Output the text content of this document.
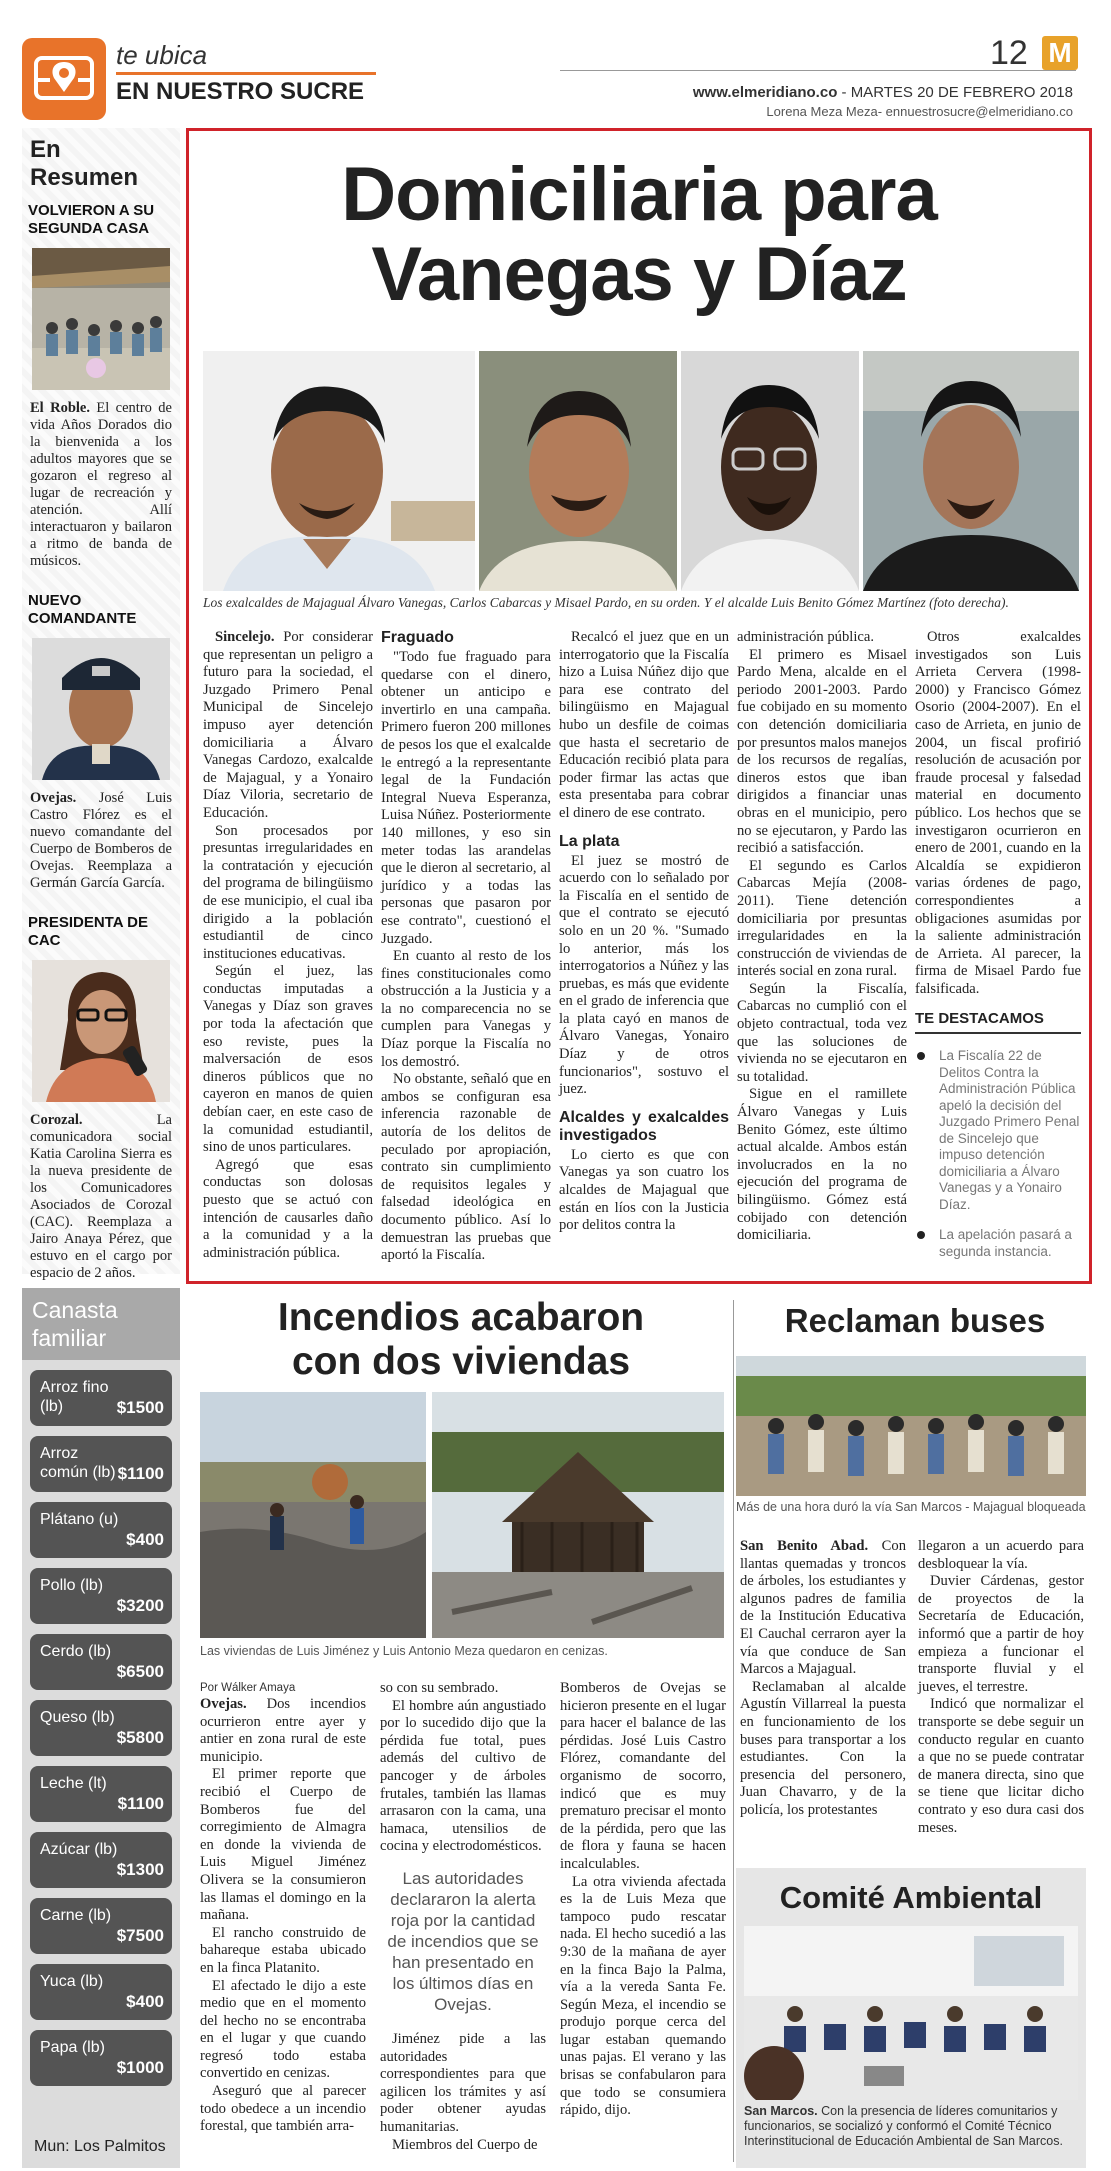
te ubica
EN NUESTRO SUCRE
12 M
www.elmeridiano.co - MARTES 20 DE FEBRERO 2018
Lorena Meza Meza- ennuestrosucre@elmeridiano.co
En Resumen
VOLVIERON A SU SEGUNDA CASA
El Roble. El centro de vida Años Dorados dio la bienvenida a los adultos mayores que se gozaron el regreso al lugar de recreación y atención. Allí interactuaron y bailaron a ritmo de banda de músicos.
NUEVO COMANDANTE
Ovejas. José Luis Castro Flórez es el nuevo comandante del Cuerpo de Bomberos de Ovejas. Reemplaza a Germán García García.
PRESIDENTA DE CAC
Corozal. La comunicadora social Katia Carolina Sierra es la nueva presidente de los Comunicadores Asociados de Corozal (CAC). Reemplaza a Jairo Anaya Pérez, que estuvo en el cargo por espacio de 2 años.
Domiciliaria para
Vanegas y Díaz
Los exalcaldes de Majagual Álvaro Vanegas, Carlos Cabarcas y Misael Pardo, en su orden. Y el alcalde Luis Benito Gómez Martínez (foto derecha).

Sincelejo. Por considerar que representan un peligro a futuro para la sociedad, el Juzgado Primero Penal Municipal de Sincelejo impuso ayer detención domiciliaria a Álvaro Vanegas Cardozo, exalcalde de Majagual, y a Yonairo Díaz Viloria, secretario de Educación.

Son procesados por presuntas irregularidades en la contratación y ejecución del programa de bilingüismo de ese municipio, el cual iba dirigido a la población estudiantil de cinco instituciones educativas.

Según el juez, las conductas imputadas a Vanegas y Díaz son graves por toda la afectación que eso reviste, pues la malversación de esos dineros públicos que no cayeron en manos de quien debían caer, en este caso de la comunidad estudiantil, sino de unos particulares.

Agregó que esas conductas son dolosas puesto que se actuó con intención de causarles daño a la comunidad y a la administración pública.

Fraguado

"Todo fue fraguado para quedarse con el dinero, obtener un anticipo e invertirlo en una campaña. Primero fueron 200 millones de pesos los que el exalcalde le entregó a la representante legal de la Fundación Integral Nueva Esperanza, Luisa Núñez. Posteriormente 140 millones, y eso sin meter todas las arandelas que le dieron al secretario, al jurídico y a todas las personas que pasaron por ese contrato", cuestionó el Juzgado.

En cuanto al resto de los fines constitucionales como obstrucción a la Justicia y a la no comparecencia no se cumplen para Vanegas y Díaz porque la Fiscalía no los demostró.

No obstante, señaló que en ambos se configuran esa inferencia razonable de autoría de los delitos de peculado por apropiación, contrato sin cumplimiento de requisitos legales y falsedad ideológica en documento público. Así lo demuestran las pruebas que aportó la Fiscalía.

Recalcó el juez que en un interrogatorio que la Fiscalía hizo a Luisa Núñez dijo que para ese contrato del bilingüismo en Majagual hubo un desfile de coimas que hasta el secretario de Educación recibió plata para poder firmar las actas que esta presentaba para cobrar el dinero de ese contrato.

La plata

El juez se mostró de acuerdo con lo señalado por la Fiscalía en el sentido de que el contrato se ejecutó solo en un 20 %. "Sumado lo anterior, más los interrogatorios a Núñez y las pruebas, es más que evidente en el grado de inferencia que la plata cayó en manos de Álvaro Vanegas, Yonairo Díaz y de otros funcionarios", sostuvo el juez.

Alcaldes y exalcaldes investigados

Lo cierto es que con Vanegas ya son cuatro los alcaldes de Majagual que están en líos con la Justicia por delitos contra la

administración pública.

El primero es Misael Pardo Mena, alcalde en el periodo 2001-2003. Pardo fue cobijado en su momento con detención domiciliaria por presuntos malos manejos de los recursos de regalías, dineros estos que iban dirigidos a financiar unas obras en el municipio, pero no se ejecutaron, y Pardo las recibió a satisfacción.

El segundo es Carlos Cabarcas Mejía (2008-2011). Tiene detención domiciliaria por presuntas irregularidades en la construcción de viviendas de interés social en zona rural.

Según la Fiscalía, Cabarcas no cumplió con el objeto contractual, toda vez que las soluciones de vivienda no se ejecutaron en su totalidad.

Sigue en el ramillete Álvaro Vanegas y Luis Benito Gómez, este último actual alcalde. Ambos están involucrados en la no ejecución del programa de bilingüismo. Gómez está cobijado con detención domiciliaria.

Otros exalcaldes investigados son Luis Arrieta Cervera (1998-2000) y Francisco Gómez Osorio (2004-2007). En el caso de Arrieta, en junio de 2004, un fiscal profirió resolución de acusación por fraude procesal y falsedad material en documento público. Los hechos que se investigaron ocurrieron en enero de 2001, cuando en la Alcaldía se expidieron varias órdenes de pago, correspondientes a obligaciones asumidas por la saliente administración de Arrieta. Al parecer, la firma de Misael Pardo fue falsificada.

TE DESTACAMOS
La Fiscalía 22 de Delitos Contra la Administración Pública apeló la decisión del Juzgado Primero Penal de Sincelejo que impuso detención domiciliaria a Álvaro Vanegas y a Yonairo Díaz.
La apelación pasará a segunda instancia.
Canasta familiar
Arroz fino (lb)	$1500
Arroz común (lb) $1100
Plátano (u)
$400
Pollo (lb)
$3200
Cerdo (lb)
$6500
Queso (lb)
$5800
Leche (lt)
$1100
Azúcar (lb)
$1300
Carne (lb)
$7500
Yuca (lb)
$400
Papa (lb)
$1000
Mun: Los Palmitos
Incendios acabaron
con dos viviendas
Las viviendas de Luis Jiménez y Luis Antonio Meza quedaron en cenizas.
Por Wálker Amaya

Ovejas. Dos incendios ocurrieron entre ayer y antier en zona rural de este municipio.

El primer reporte que recibió el Cuerpo de Bomberos fue del corregimiento de Almagra en donde la vivienda de Luis Miguel Jiménez Olivera se la consumieron las llamas el domingo en la mañana.

El rancho construido de bahareque estaba ubicado en la finca Platanito.

El afectado le dijo a este medio que en el momento del hecho no se encontraba en el lugar y que cuando regresó todo estaba convertido en cenizas.

Aseguró que al parecer todo obedece a un incendio forestal, que también arra-

so con su sembrado.

El hombre aún angustiado por lo sucedido dijo que la pérdida fue total, pues además del cultivo de pancoger y de árboles frutales, también las llamas arrasaron con la cama, una hamaca, utensilios de cocina y electrodomésticos.

Las autoridades declararon la alerta roja por la cantidad de incendios que se han presentado en los últimos días en Ovejas.

Jiménez pide a las autoridades correspondientes para que agilicen los trámites y así poder obtener ayudas humanitarias.

Miembros del Cuerpo de

Bomberos de Ovejas se hicieron presente en el lugar para hacer el balance de las pérdidas. José Luis Castro Flórez, comandante del organismo de socorro, indicó que es muy prematuro precisar el monto de la pérdida, pero que las de flora y fauna se hacen incalculables.

La otra vivienda afectada es la de Luis Meza que tampoco pudo rescatar nada. El hecho sucedió a las 9:30 de la mañana de ayer en la finca Bajo la Palma, vía a la vereda Santa Fe. Según Meza, el incendio se produjo porque cerca del lugar estaban quemando unas pajas. El verano y las brisas se confabularon para que todo se consumiera rápido, dijo.

Reclaman buses
Más de una hora duró la vía San Marcos - Majagual bloqueada

San Benito Abad. Con llantas quemadas y troncos de árboles, los estudiantes y algunos padres de familia de la Institución Educativa El Cauchal cerraron ayer la vía que conduce de San Marcos a Majagual.

Reclamaban al alcalde Agustín Villarreal la puesta en funcionamiento de los buses para transportar a los estudiantes. Con la presencia del personero, Juan Chavarro, y de la policía, los protestantes

llegaron a un acuerdo para desbloquear la vía.

Duvier Cárdenas, gestor de proyectos de la Secretaría de Educación, informó que a partir de hoy empieza a funcionar el transporte fluvial y el jueves, el terrestre.

Indicó que normalizar el transporte se debe seguir un conducto regular en cuanto a que no se puede contratar de manera directa, sino que se tiene que licitar dicho contrato y eso dura casi dos meses.

Comité Ambiental
San Marcos. Con la presencia de líderes comunitarios y funcionarios, se socializó y conformó el Comité Técnico Interinstitucional de Educación Ambiental de San Marcos.
